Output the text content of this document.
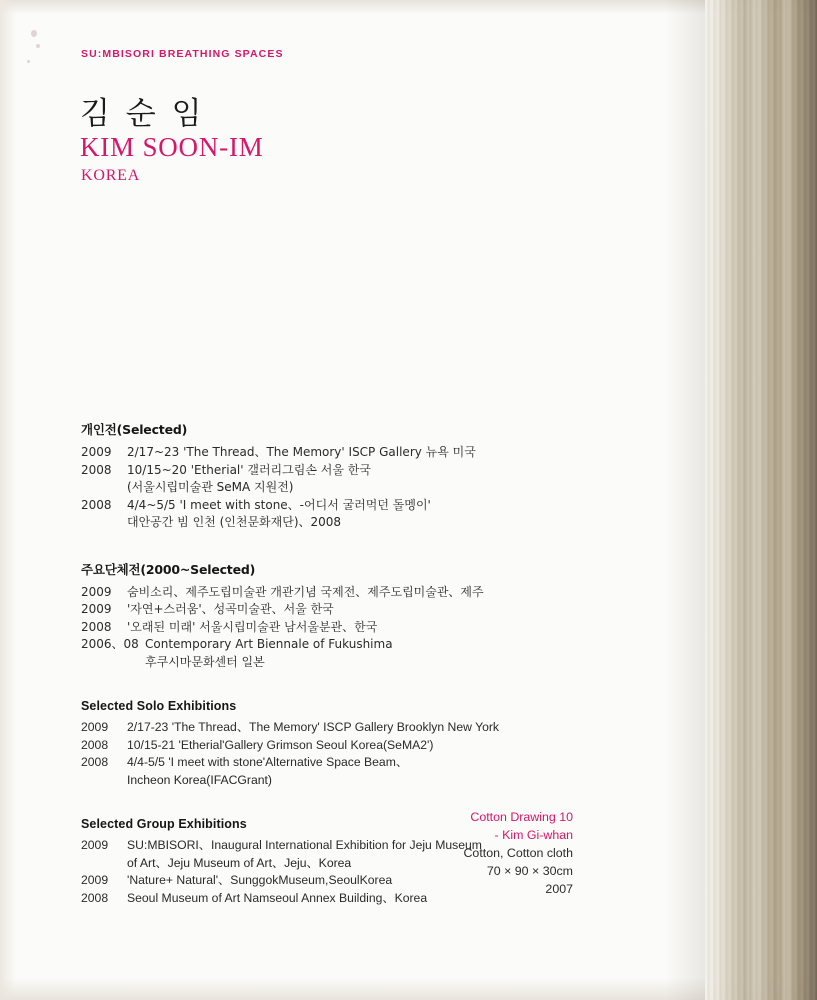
SU:MBISORI BREATHING SPACES
김 순 임
KIM SOON-IM
KOREA
개인전(Selected)
2009	2/17~23 'The Thread、The Memory' ISCP Gallery 뉴욕 미국
2008	10/15~20 'Etherial' 갤러리그림손 서울 한국
(서울시립미술관 SeMA 지원전)
2008	4/4~5/5 'I meet with stone、-어디서 굴러먹던 돌멩이'
대안공간 빔 인천 (인천문화재단)、2008
주요단체전(2000~Selected)
2009	숨비소리、제주도립미술관 개관기념 국제전、제주도립미술관、제주
2009	'자연+스러움'、성곡미술관、서울 한국
2008	'오래된 미래' 서울시립미술관 남서울분관、한국
2006、08 Contemporary Art Biennale of Fukushima
후쿠시마문화센터 일본
Selected Solo Exhibitions
2009	2/17-23 'The Thread、The Memory' ISCP Gallery Brooklyn New York
2008	10/15-21 'Etherial'Gallery Grimson Seoul Korea(SeMA2')
2008	4/4-5/5 'I meet with stone'Alternative Space Beam、
Incheon Korea(IFACGrant)
Selected Group Exhibitions
2009	SU:MBISORI、Inaugural International Exhibition for Jeju Museum
of Art、Jeju Museum of Art、Jeju、Korea
2009	'Nature+ Natural'、SunggokMuseum,SeoulKorea
2008	Seoul Museum of Art Namseoul Annex Building、Korea
Cotton Drawing 10
- Kim Gi-whan
Cotton, Cotton cloth
70 × 90 × 30cm
2007
